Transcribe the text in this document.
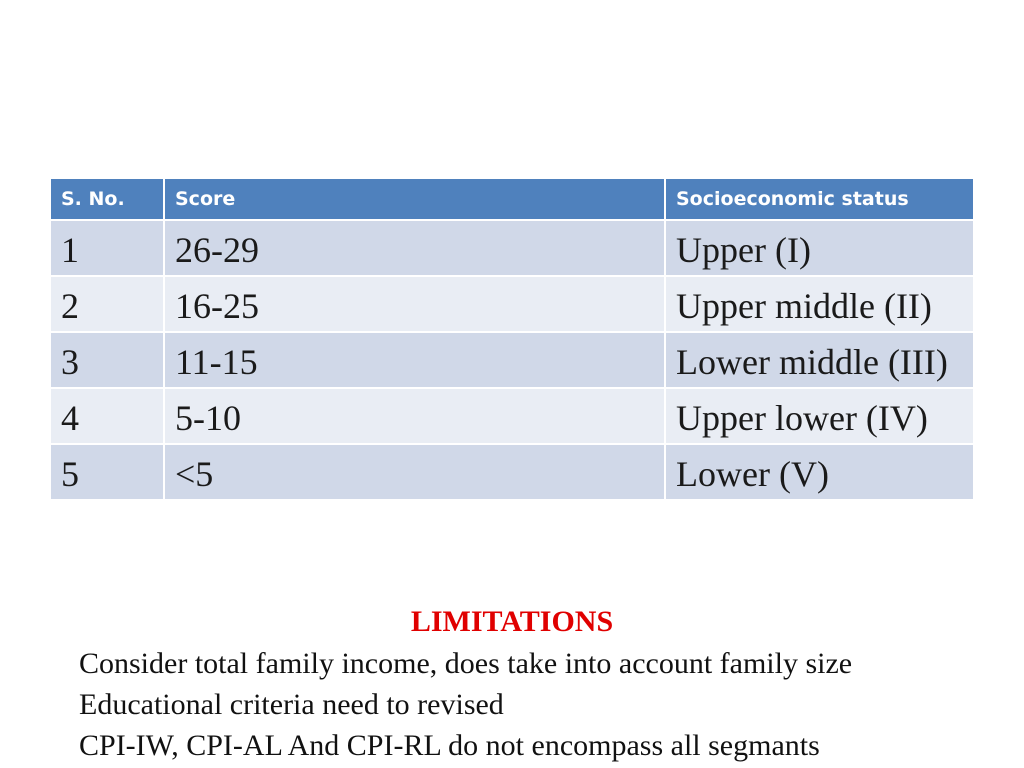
S. No.	Score	Socioeconomic status
1	26-29	Upper (I)
2	16-25	Upper middle (II)
3	11-15	Lower middle (III)
4	5-10	Upper lower (IV)
5	<5	Lower (V)
LIMITATIONS
Consider total family income, does take into account family size
Educational criteria need to revised
CPI-IW, CPI-AL And CPI-RL do not encompass all segmants
